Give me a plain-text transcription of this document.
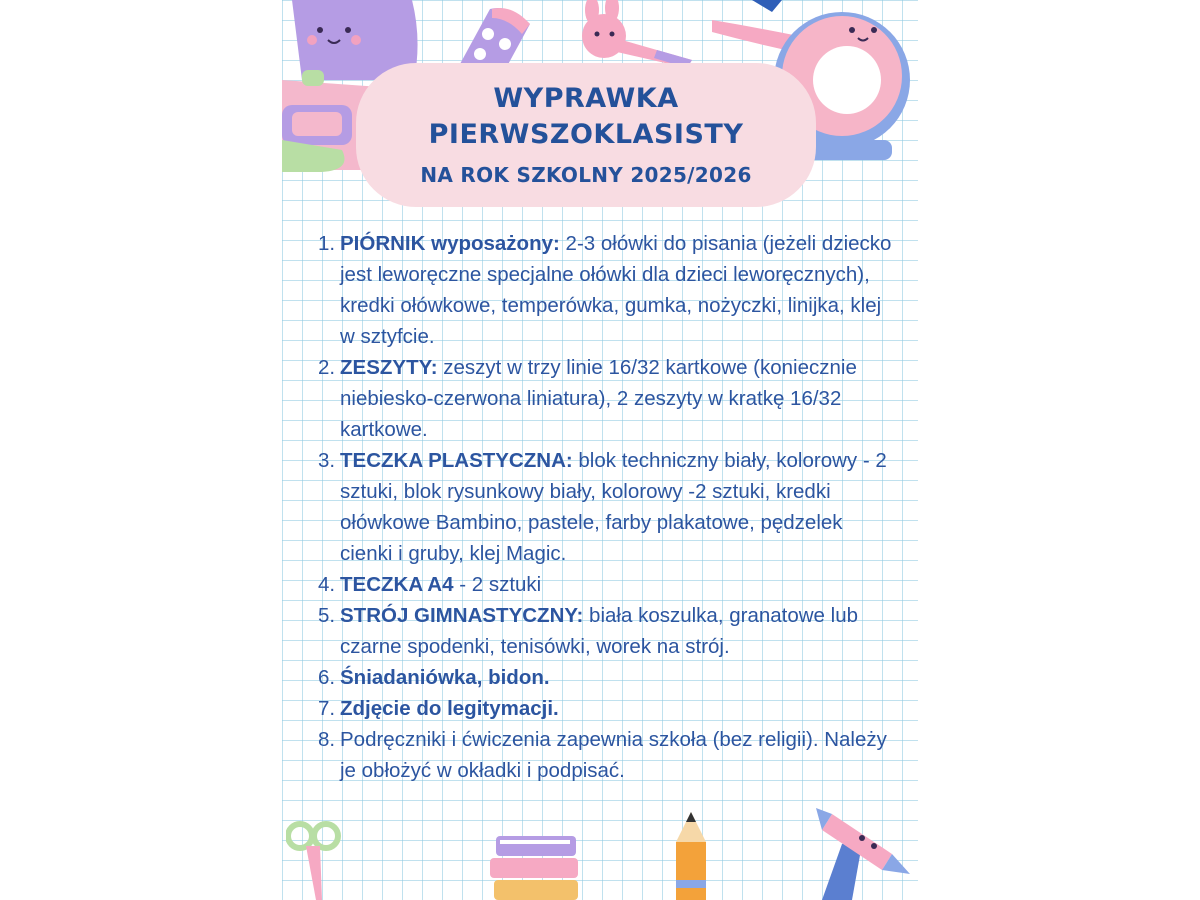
WYPRAWKA
PIERWSZOKLASISTY
NA ROK SZKOLNY 2025/2026
1. PIÓRNIK wyposażony: 2-3 ołówki do pisania (jeżeli dziecko jest leworęczne specjalne ołówki dla dzieci leworęcznych), kredki ołówkowe, temperówka, gumka, nożyczki, linijka, klej w sztyfcie.
2. ZESZYTY: zeszyt w trzy linie 16/32 kartkowe (koniecznie niebiesko-czerwona liniatura), 2 zeszyty w kratkę 16/32 kartkowe.
3. TECZKA PLASTYCZNA: blok techniczny biały, kolorowy - 2 sztuki, blok rysunkowy biały, kolorowy -2 sztuki, kredki ołówkowe Bambino, pastele, farby plakatowe, pędzelek cienki i gruby, klej Magic.
4. TECZKA A4 - 2 sztuki
5. STRÓJ GIMNASTYCZNY: biała koszulka, granatowe lub czarne spodenki, tenisówki, worek na strój.
6. Śniadaniówka, bidon.
7. Zdjęcie do legitymacji.
8. Podręczniki i ćwiczenia zapewnia szkoła (bez religii). Należy je obłożyć w okładki i podpisać.
